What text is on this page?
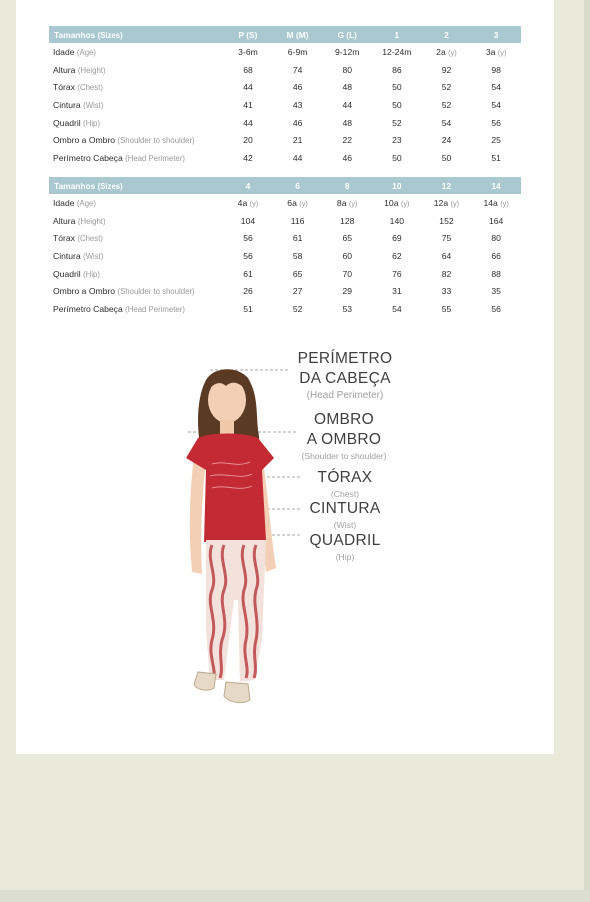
Tamanhos (Sizes)	P (S)	M (M)	G (L)	1	2	3
Idade (Age)	3-6m	6-9m	9-12m	12-24m	2a (y)	3a (y)
Altura (Height)	68	74	80	86	92	98
Tórax (Chest)	44	46	48	50	52	54
Cintura (Wist)	41	43	44	50	52	54
Quadril (Hip)	44	46	48	52	54	56
Ombro a Ombro (Shoulder to shoulder)	20	21	22	23	24	25
Perímetro Cabeça (Head Perimeter)	42	44	46	50	50	51
Tamanhos (Sizes)	4	6	8	10	12	14
Idade (Age)	4a (y)	6a (y)	8a (y)	10a (y)	12a (y)	14a (y)
Altura (Height)	104	116	128	140	152	164
Tórax (Chest)	56	61	65	69	75	80
Cintura (Wist)	56	58	60	62	64	66
Quadril (Hip)	61	65	70	76	82	88
Ombro a Ombro (Shoulder to shoulder)	26	27	29	31	33	35
Perímetro Cabeça (Head Perimeter)	51	52	53	54	55	56
PERÍMETRO
DA CABEÇA
(Head Perimeter)
OMBRO
A OMBRO
(Shoulder to shoulder)
TÓRAX
(Chest)
CINTURA
(Wist)
QUADRIL
(Hip)
